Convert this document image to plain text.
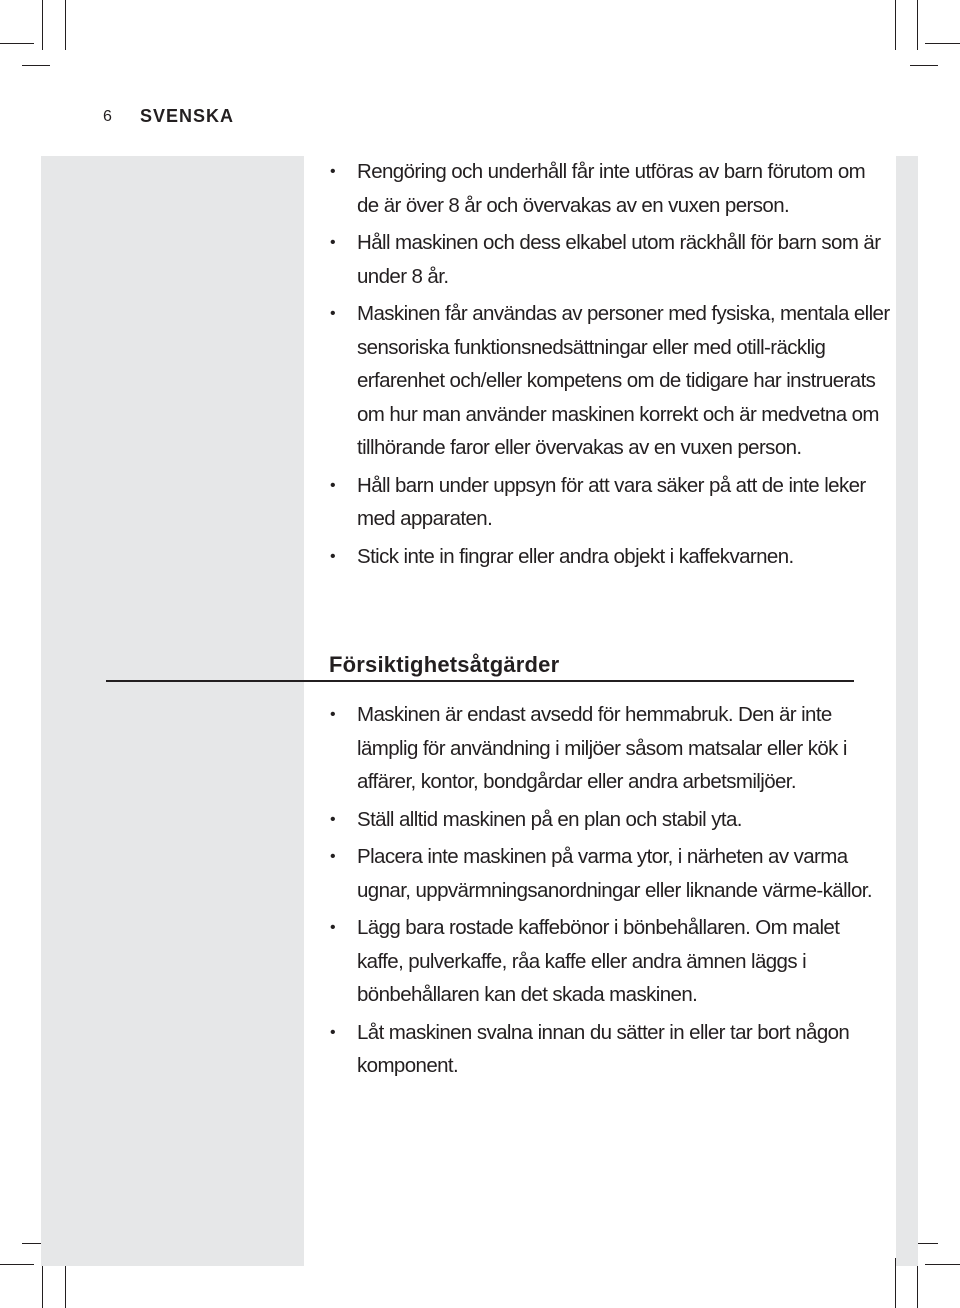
6 SVENSKA
• Rengöring och underhåll får inte utföras av barn förutom om de är över 8 år och övervakas av en vuxen person.
• Håll maskinen och dess elkabel utom räckhåll för barn som är under 8 år.
• Maskinen får användas av personer med fysiska, mentala eller sensoriska funktionsnedsättningar eller med otill-räcklig erfarenhet och/eller kompetens om de tidigare har instruerats om hur man använder maskinen korrekt och är medvetna om tillhörande faror eller övervakas av en vuxen person.
• Håll barn under uppsyn för att vara säker på att de inte leker med apparaten.
• Stick inte in fingrar eller andra objekt i kaffekvarnen.
Försiktighetsåtgärder
• Maskinen är endast avsedd för hemmabruk. Den är inte lämplig för användning i miljöer såsom matsalar eller kök i affärer, kontor, bondgårdar eller andra arbetsmiljöer.
• Ställ alltid maskinen på en plan och stabil yta.
• Placera inte maskinen på varma ytor, i närheten av varma ugnar, uppvärmningsanordningar eller liknande värme-källor.
• Lägg bara rostade kaffebönor i bönbehållaren. Om malet kaffe, pulverkaffe, råa kaffe eller andra ämnen läggs i bönbehållaren kan det skada maskinen.
• Låt maskinen svalna innan du sätter in eller tar bort någon komponent.
